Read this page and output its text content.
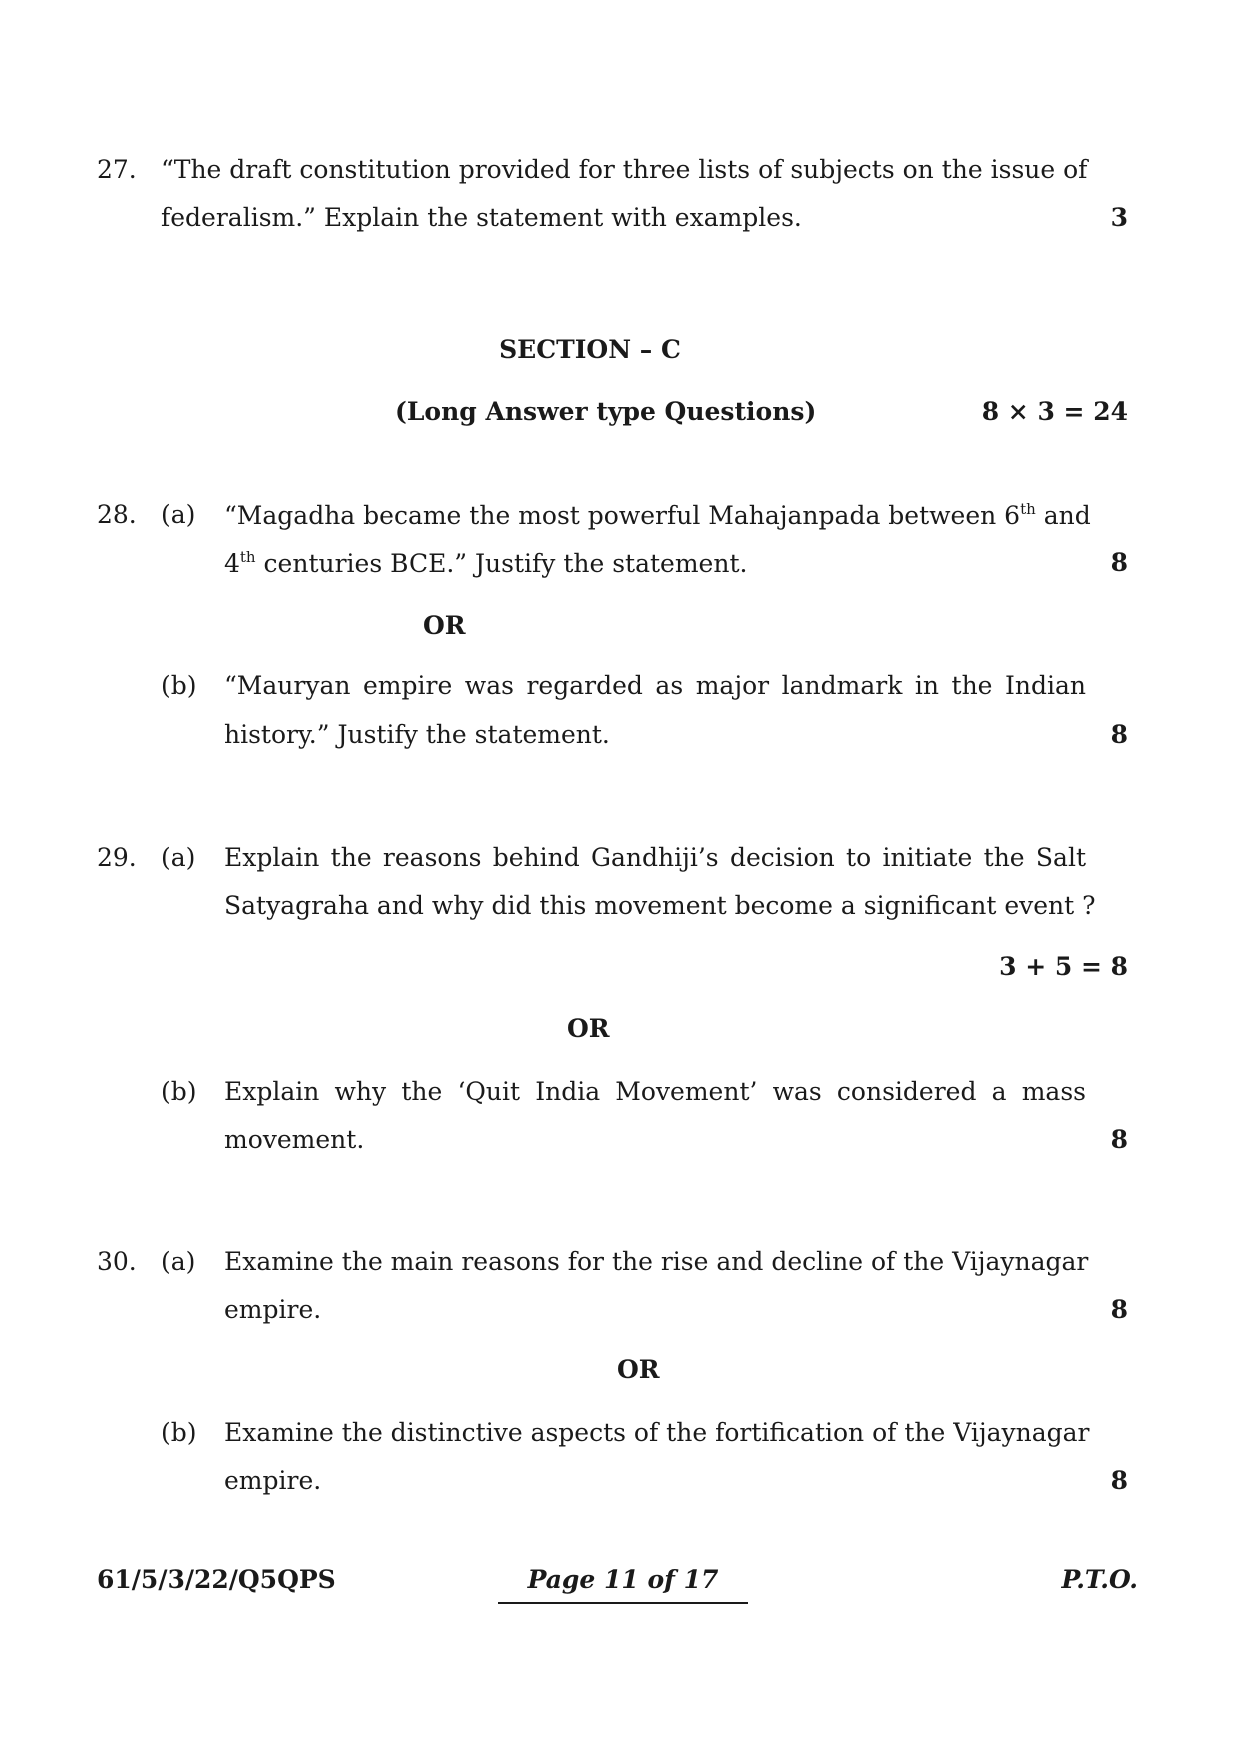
27. “The draft constitution provided for three lists of subjects on the issue of
federalism.” Explain the statement with examples.	3
SECTION – C
(Long Answer type Questions)	8 × 3 = 24
28. (a) “Magadha became the most powerful Mahajanpada between 6th and
4th centuries BCE.” Justify the statement.	8
OR
(b) “Mauryan empire was regarded as major landmark in the Indian
history.” Justify the statement.	8
29. (a) Explain the reasons behind Gandhiji’s decision to initiate the Salt
Satyagraha and why did this movement become a significant event ?
3 + 5 = 8
OR
(b) Explain why the ‘Quit India Movement’ was considered a mass
movement.	8
30. (a) Examine the main reasons for the rise and decline of the Vijaynagar
empire.	8
OR
(b) Examine the distinctive aspects of the fortification of the Vijaynagar
empire.	8
61/5/3/22/Q5QPS	Page 11 of 17	P.T.O.
